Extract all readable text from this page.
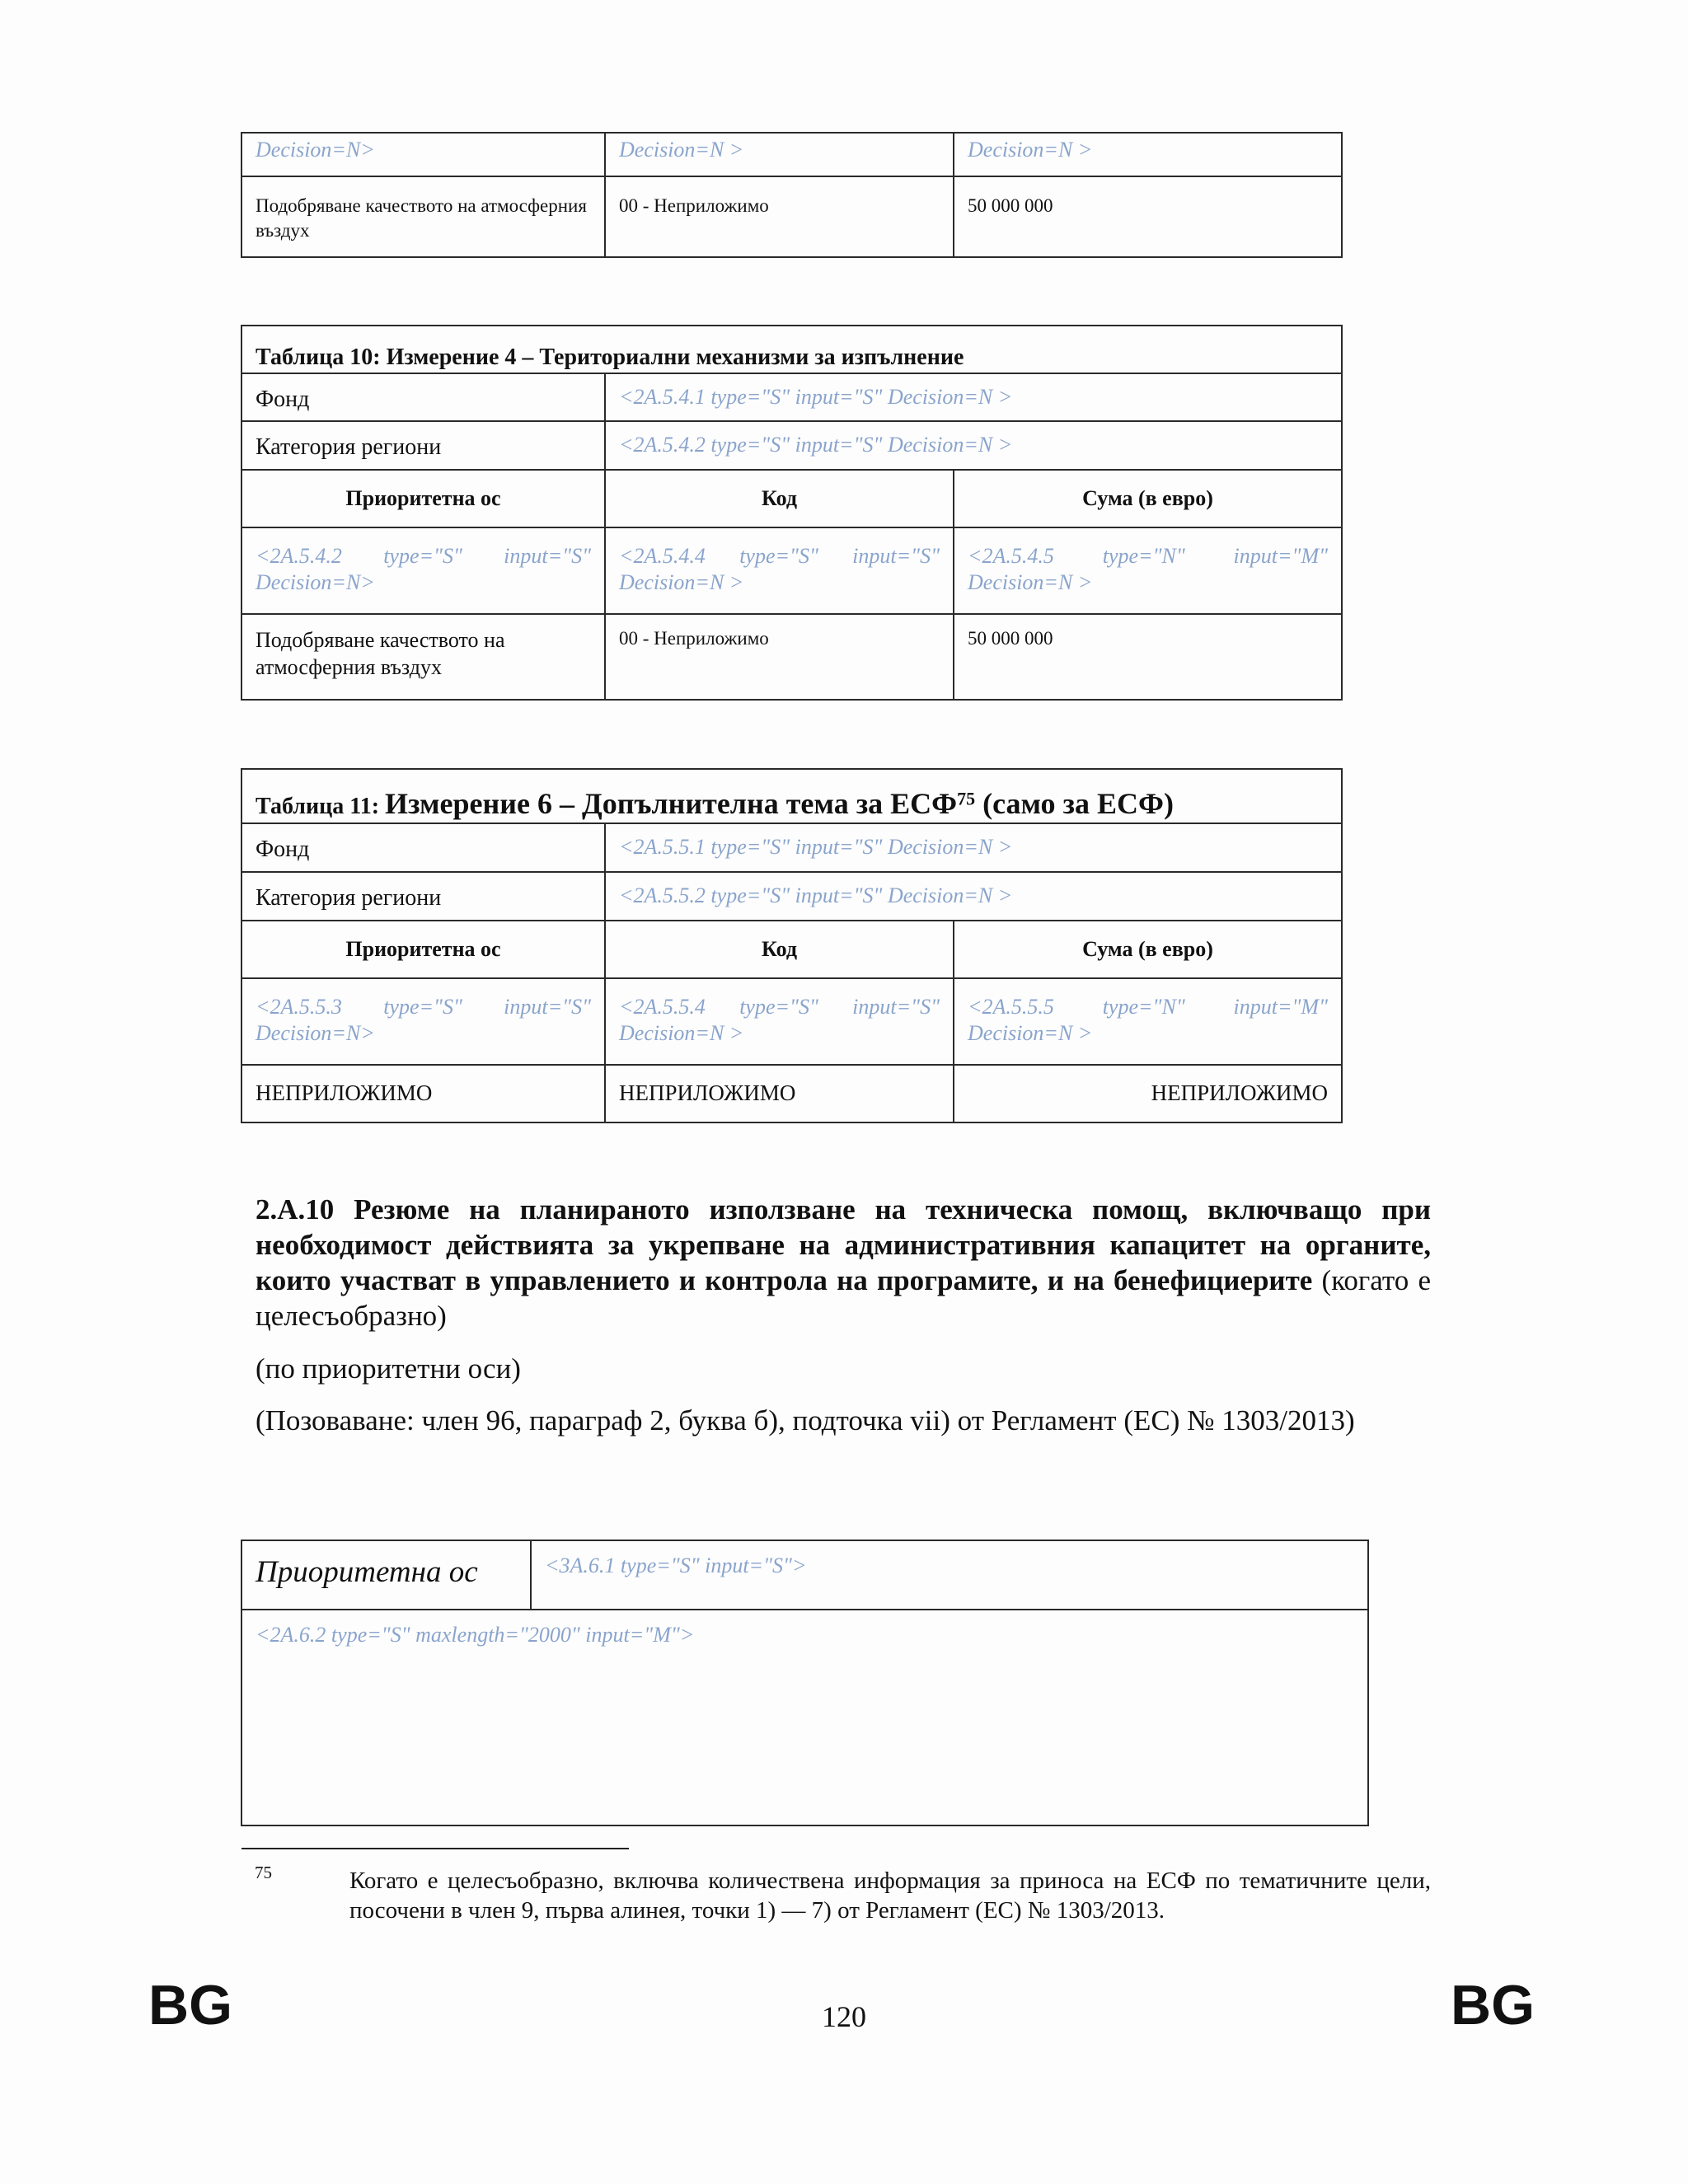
Decision=N>	Decision=N >	Decision=N >

Подобряване качеството на атмосферния въздух	00 - Неприложимо	50 000 000
Таблица 10: Измерение 4 – Териториални механизми за изпълнение		

Фонд	<2A.5.4.1 type="S" input="S" Decision=N >	

Категория региони	<2A.5.4.2 type="S" input="S" Decision=N >	

Приоритетна ос	Код	Сума (в евро)

<2A.5.4.2 type="S" input="S" Decision=N>	<2A.5.4.4 type="S" input="S" Decision=N >	<2A.5.4.5 type="N" input="M" Decision=N >

Подобряване качеството на атмосферния въздух	00 - Неприложимо	50 000 000
Таблица 11: Измерение 6 – Допълнителна тема за ЕСФ$^{75}$ (само за ЕСФ)		

Фонд	<2A.5.5.1 type="S" input="S" Decision=N >	

Категория региони	<2A.5.5.2 type="S" input="S" Decision=N >	

Приоритетна ос	Код	Сума (в евро)

<2A.5.5.3 type="S" input="S" Decision=N>	<2A.5.5.4 type="S" input="S" Decision=N >	<2A.5.5.5 type="N" input="M" Decision=N >

НЕПРИЛОЖИМО	НЕПРИЛОЖИМО	НЕПРИЛОЖИМО
2.A.10 Резюме на планираното използване на техническа помощ, включващо при необходимост действията за укрепване на административния капацитет на органите, които участват в управлението и контрола на програмите, и на бенефициерите (когато е целесъобразно)
(по приоритетни оси)
(Позоваване: член 96, параграф 2, буква б), подточка vii) от Регламент (ЕС) № 1303/2013)
Приоритетна ос	<3A.6.1 type="S" input="S">

<2A.6.2 type="S" maxlength="2000" input="M">
75	Когато е целесъобразно, включва количествена информация за приноса на ЕСФ по тематичните цели, посочени в член 9, първа алинея, точки 1) — 7) от Регламент (ЕС) № 1303/2013.
BG	120	BG
